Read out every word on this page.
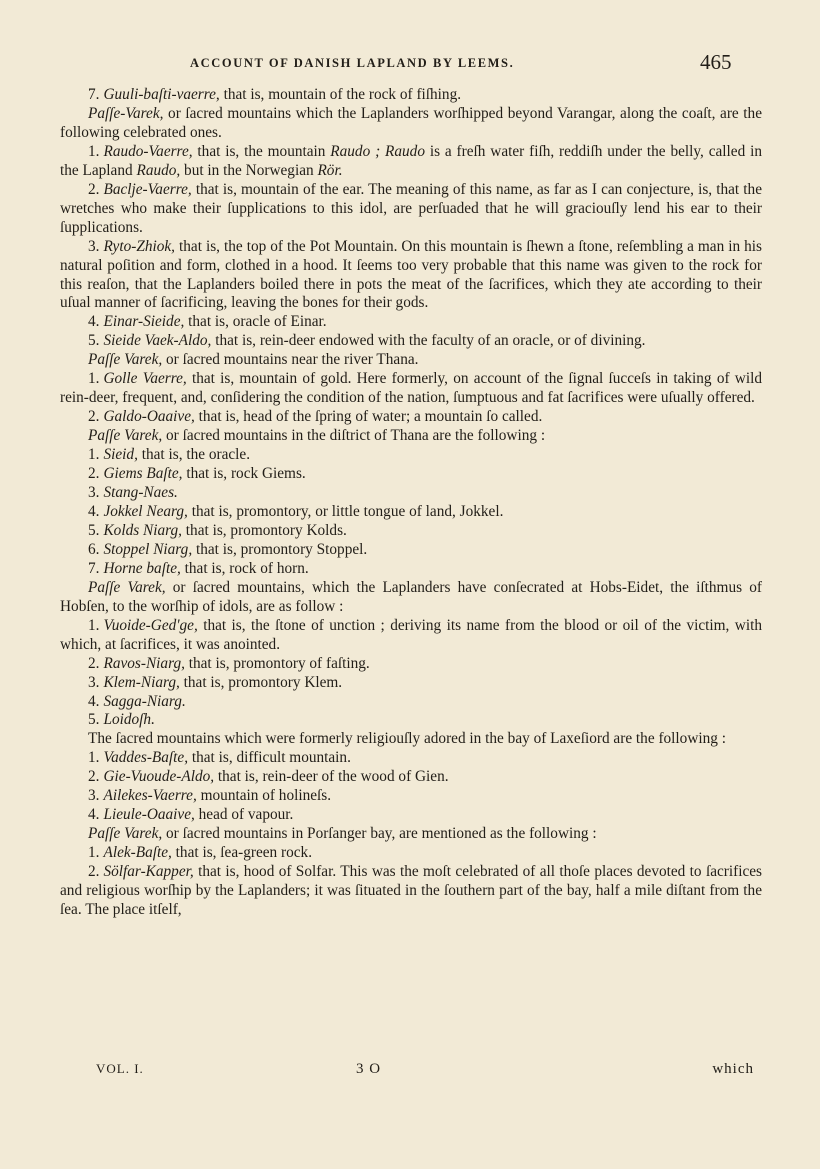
ACCOUNT OF DANISH LAPLAND BY LEEMS.	465

7. Guuli-baſti-vaerre, that is, mountain of the rock of fiſhing.

Paſſe-Varek, or ſacred mountains which the Laplanders worſhipped beyond Varangar, along the coaſt, are the following celebrated ones.

1. Raudo-Vaerre, that is, the mountain Raudo ; Raudo is a freſh water fiſh, reddiſh under the belly, called in the Lapland Raudo, but in the Norwegian Rör.

2. Baclje-Vaerre, that is, mountain of the ear. The meaning of this name, as far as I can conjecture, is, that the wretches who make their ſupplications to this idol, are perſuaded that he will graciouſly lend his ear to their ſupplications.

3. Ryto-Zhiok, that is, the top of the Pot Mountain. On this mountain is ſhewn a ſtone, reſembling a man in his natural poſition and form, clothed in a hood. It ſeems too very probable that this name was given to the rock for this reaſon, that the Laplanders boiled there in pots the meat of the ſacrifices, which they ate according to their uſual manner of ſacrificing, leaving the bones for their gods.

4. Einar-Sieide, that is, oracle of Einar.

5. Sieide Vaek-Aldo, that is, rein-deer endowed with the faculty of an oracle, or of divining.

Paſſe Varek, or ſacred mountains near the river Thana.

1. Golle Vaerre, that is, mountain of gold. Here formerly, on account of the ſignal ſucceſs in taking of wild rein-deer, frequent, and, conſidering the condition of the nation, ſumptuous and fat ſacrifices were uſually offered.

2. Galdo-Oaaive, that is, head of the ſpring of water; a mountain ſo called.

Paſſe Varek, or ſacred mountains in the diſtrict of Thana are the following :

1. Sieid, that is, the oracle.

2. Giems Baſte, that is, rock Giems.

3. Stang-Naes.

4. Jokkel Nearg, that is, promontory, or little tongue of land, Jokkel.

5. Kolds Niarg, that is, promontory Kolds.

6. Stoppel Niarg, that is, promontory Stoppel.

7. Horne baſte, that is, rock of horn.

Paſſe Varek, or ſacred mountains, which the Laplanders have conſecrated at Hobs-Eidet, the iſthmus of Hobſen, to the worſhip of idols, are as follow :

1. Vuoide-Ged'ge, that is, the ſtone of unction ; deriving its name from the blood or oil of the victim, with which, at ſacrifices, it was anointed.

2. Ravos-Niarg, that is, promontory of faſting.

3. Klem-Niarg, that is, promontory Klem.

4. Sagga-Niarg.

5. Loidoſh.

The ſacred mountains which were formerly religiouſly adored in the bay of Laxeſiord are the following :

1. Vaddes-Baſte, that is, difficult mountain.

2. Gie-Vuoude-Aldo, that is, rein-deer of the wood of Gien.

3. Ailekes-Vaerre, mountain of holineſs.

4. Lieule-Oaaive, head of vapour.

Paſſe Varek, or ſacred mountains in Porſanger bay, are mentioned as the following :

1. Alek-Baſte, that is, ſea-green rock.

2. Sölfar-Kapper, that is, hood of Solfar. This was the moſt celebrated of all thoſe places devoted to ſacrifices and religious worſhip by the Laplanders; it was ſituated in the ſouthern part of the bay, half a mile diſtant from the ſea. The place itſelf,

VOL. I.	3 O	which
